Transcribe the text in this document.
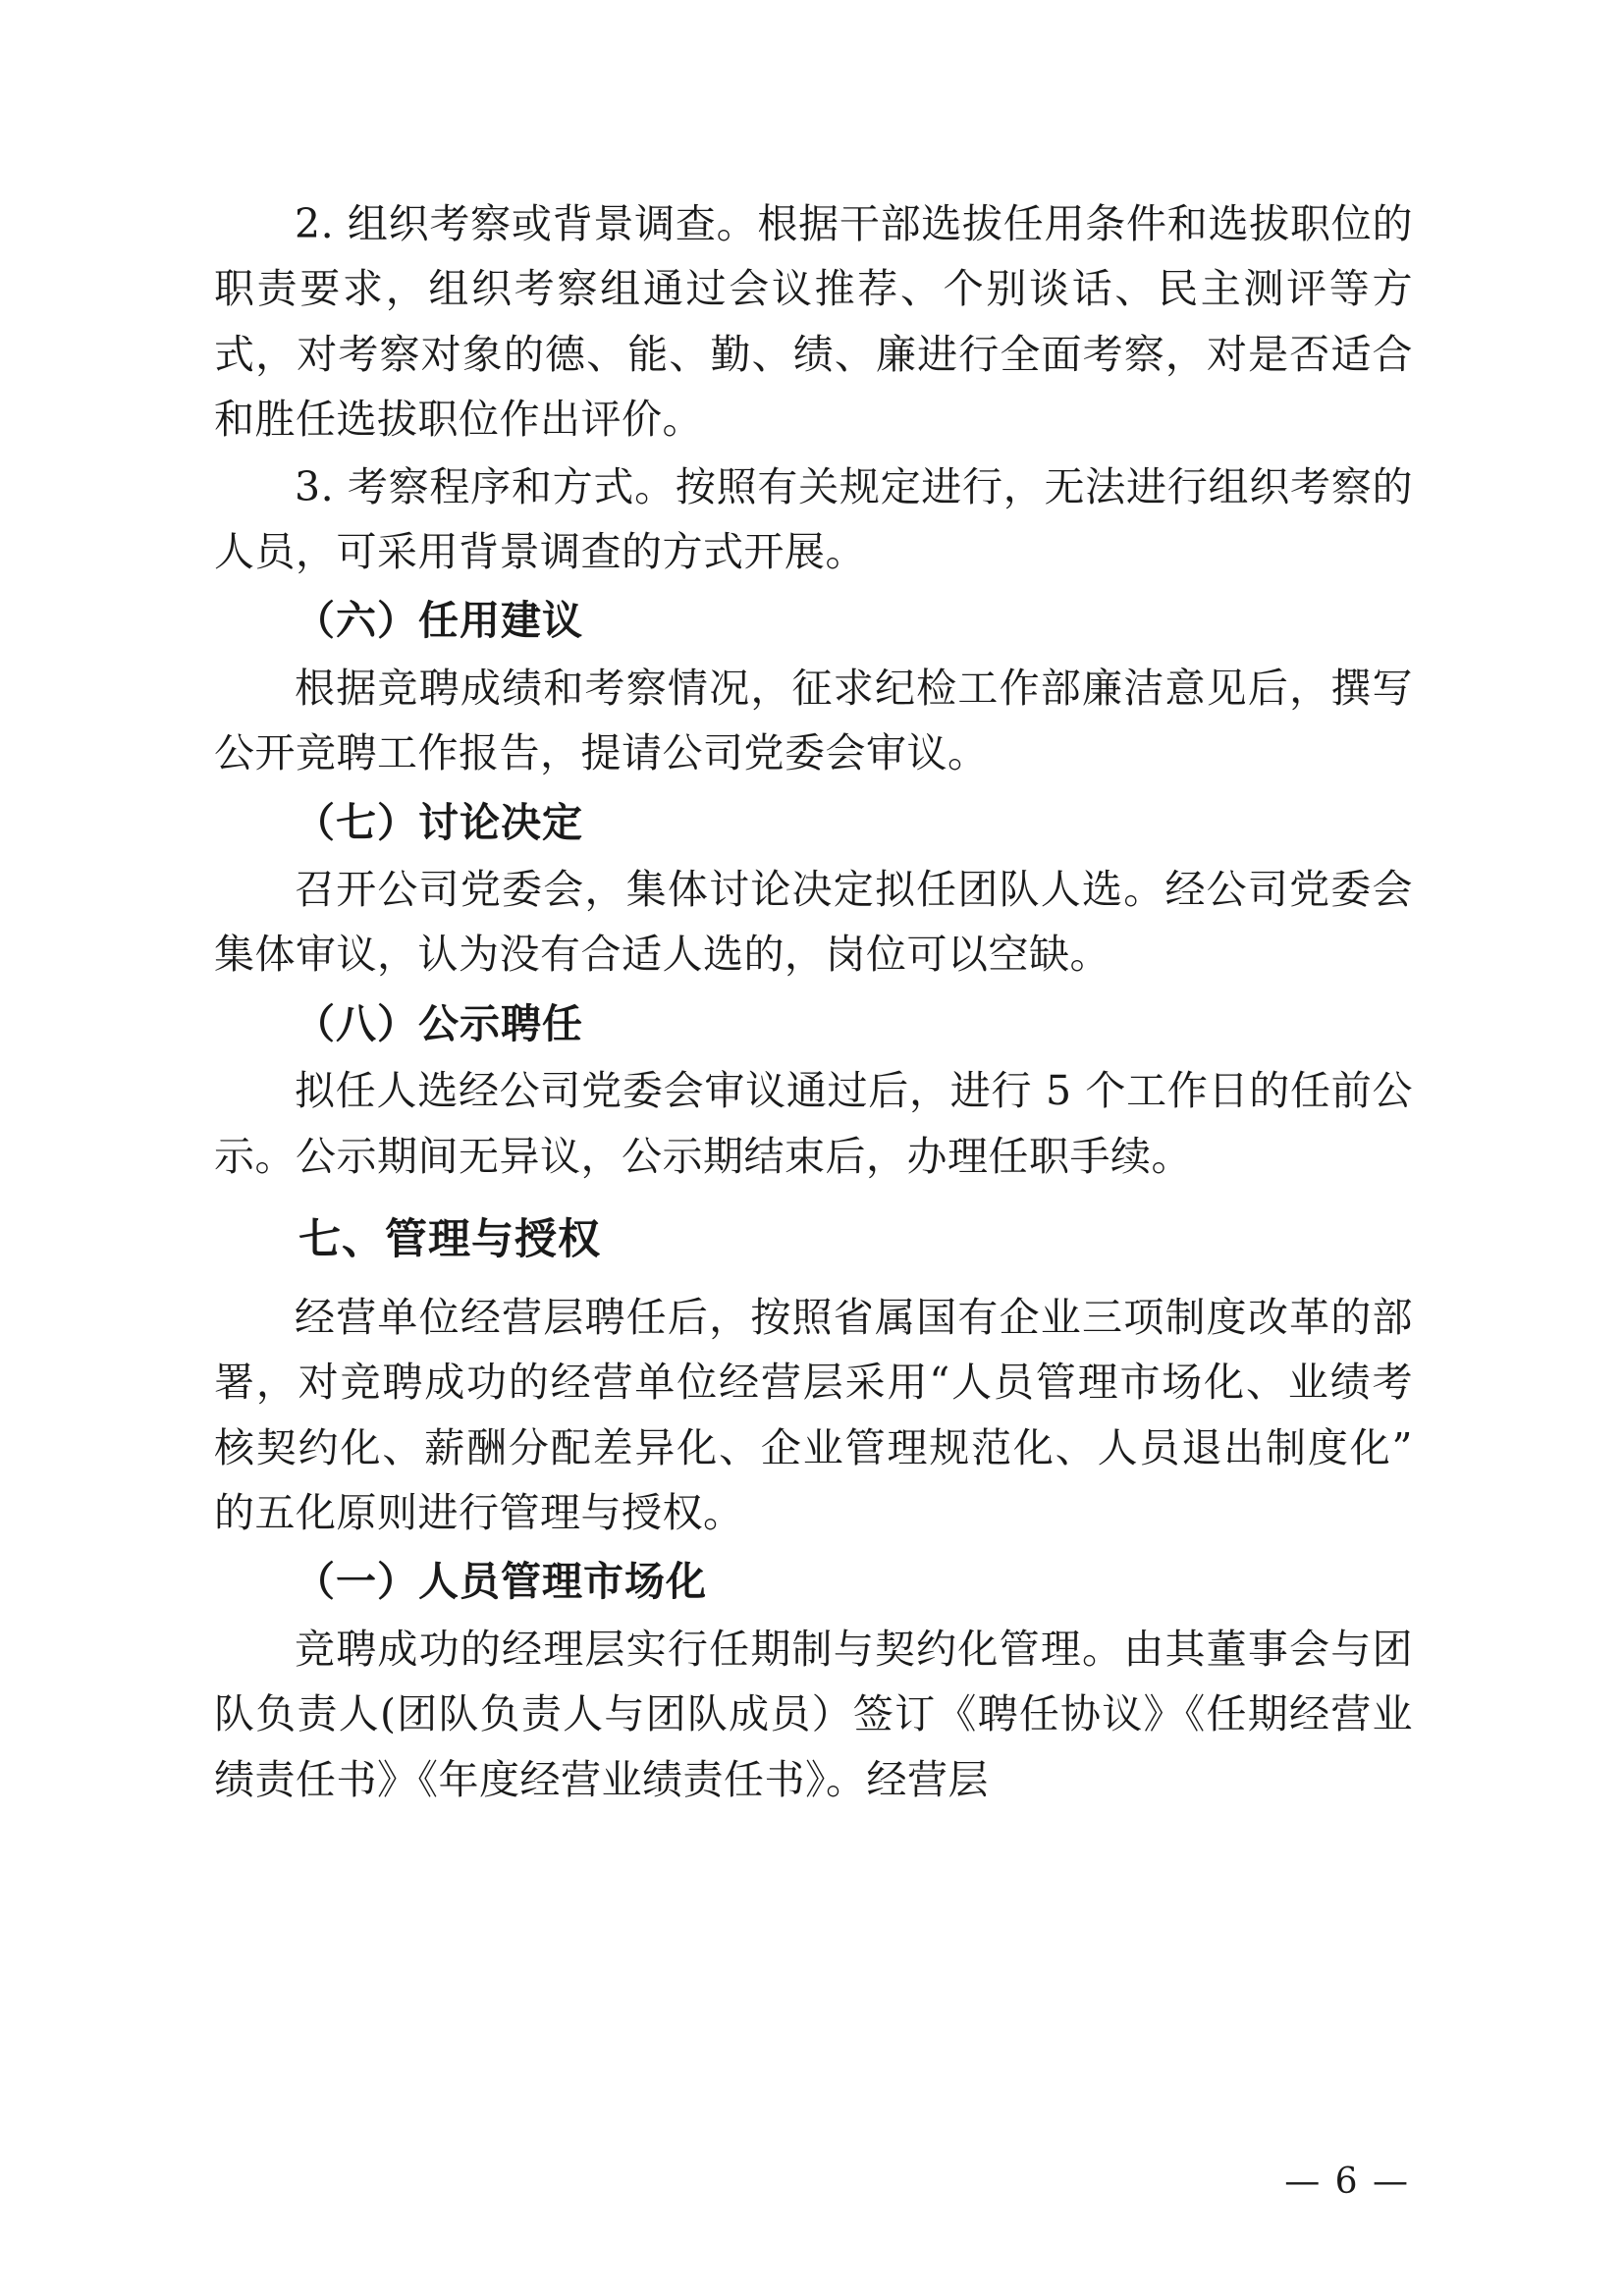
2. 组织考察或背景调查。根据干部选拔任用条件和选拔职位的职责要求，组织考察组通过会议推荐、个别谈话、民主测评等方式，对考察对象的德、能、勤、绩、廉进行全面考察，对是否适合和胜任选拔职位作出评价。

3. 考察程序和方式。按照有关规定进行，无法进行组织考察的人员，可采用背景调查的方式开展。

（六）任用建议

根据竞聘成绩和考察情况，征求纪检工作部廉洁意见后，撰写公开竞聘工作报告，提请公司党委会审议。

（七）讨论决定

召开公司党委会，集体讨论决定拟任团队人选。经公司党委会集体审议，认为没有合适人选的，岗位可以空缺。

（八）公示聘任

拟任人选经公司党委会审议通过后，进行 5 个工作日的任前公示。公示期间无异议，公示期结束后，办理任职手续。

七、管理与授权

经营单位经营层聘任后，按照省属国有企业三项制度改革的部署，对竞聘成功的经营单位经营层采用“人员管理市场化、业绩考核契约化、薪酬分配差异化、企业管理规范化、人员退出制度化”的五化原则进行管理与授权。

（一）人员管理市场化

竞聘成功的经理层实行任期制与契约化管理。由其董事会与团队负责人(团队负责人与团队成员）签订《聘任协议》《任期经营业绩责任书》《年度经营业绩责任书》。经营层

— 6 —
